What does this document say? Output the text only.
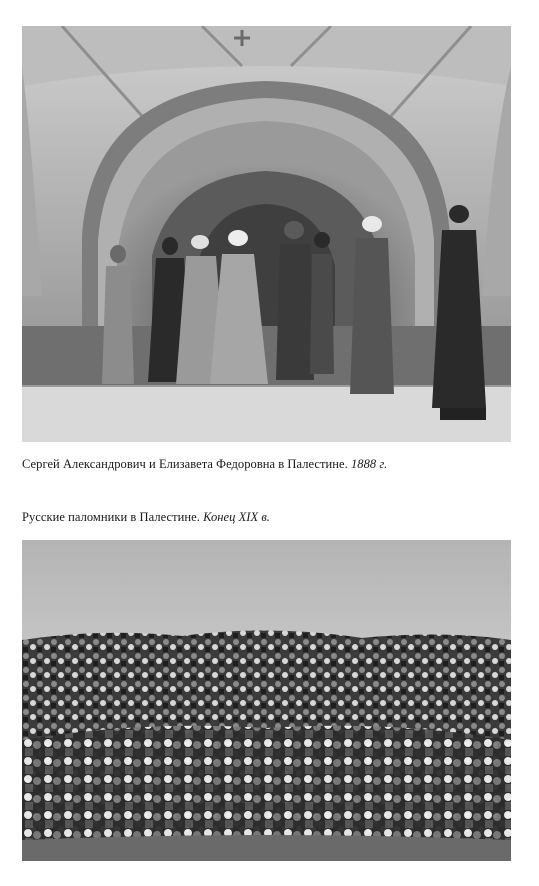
Сергей Александрович и Елизавета Федоровна в Палестине. 1888 г.
Русские паломники в Палестине. Конец XIX в.
